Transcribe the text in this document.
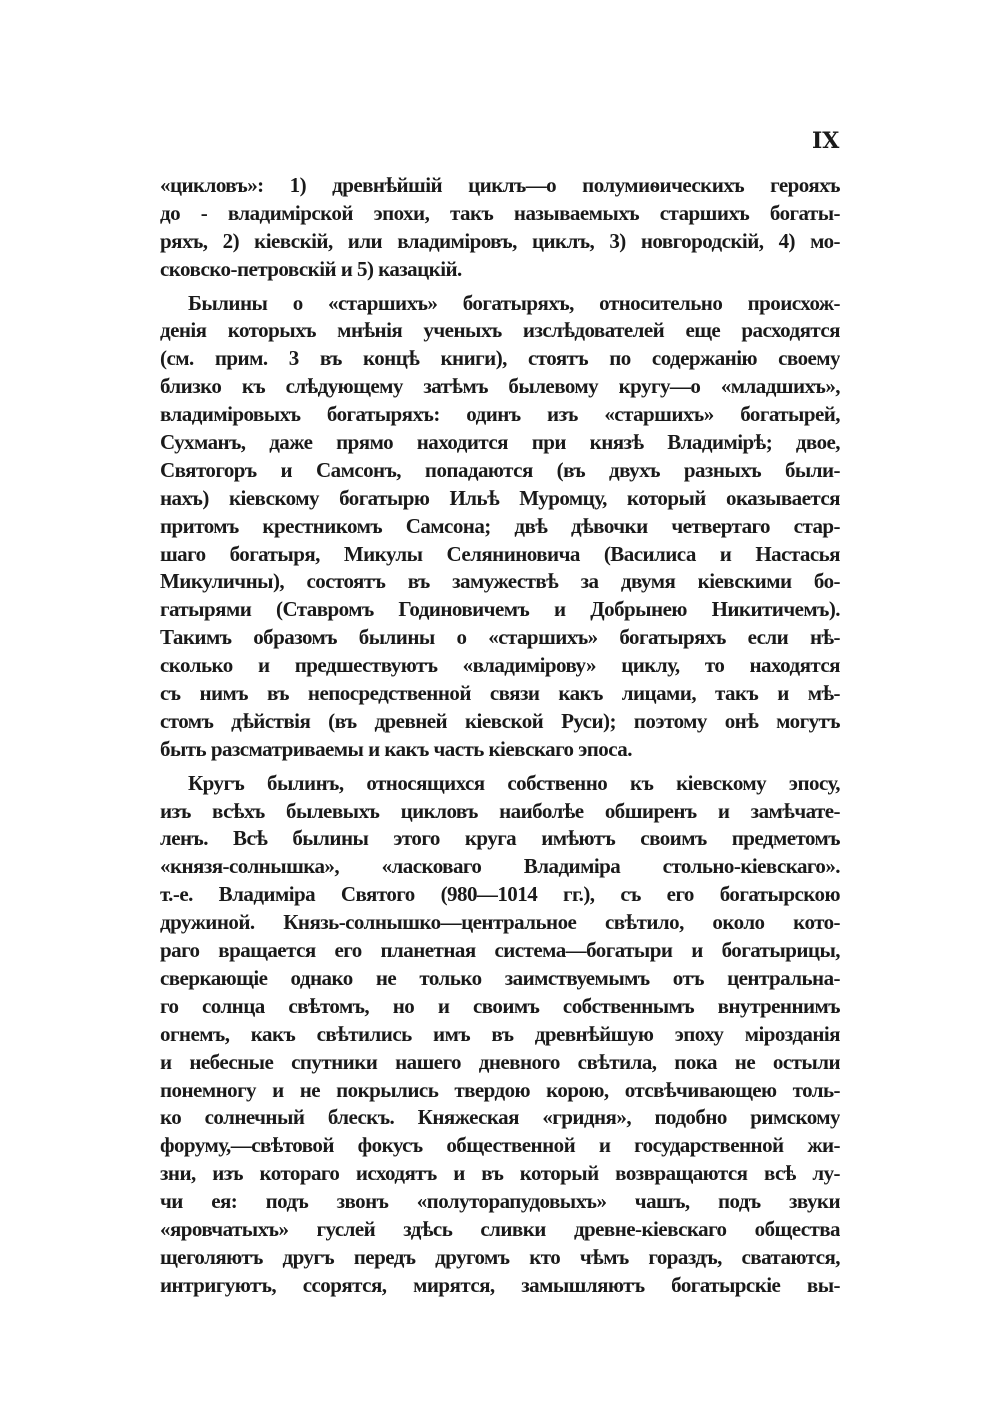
IX
«цикловъ»: 1) древнѣйшій циклъ—о полумиѳическихъ герояхъ
до - владимірской эпохи, такъ называемыхъ старшихъ богаты-
ряхъ, 2) кіевскій, или владиміровъ, циклъ, 3) новгородскій, 4) мо-
сковско-петровскій и 5) казацкій.
Былины о «старшихъ» богатыряхъ, относительно происхож-
денія которыхъ мнѣнія ученыхъ изслѣдователей еще расходятся
(см. прим. 3 въ концѣ книги), стоятъ по содержанію своему
близко къ слѣдующему затѣмъ былевому кругу—о «младшихъ»,
владиміровыхъ богатыряхъ: одинъ изъ «старшихъ» богатырей,
Сухманъ, даже прямо находится при князѣ Владимірѣ; двое,
Святогоръ и Самсонъ, попадаются (въ двухъ разныхъ были-
нахъ) кіевскому богатырю Ильѣ Муромцу, который оказывается
притомъ крестникомъ Самсона; двѣ дѣвочки четвертаго стар-
шаго богатыря, Микулы Селяниновича (Василиса и Настасья
Микуличны), состоятъ въ замужествѣ за двумя кіевскими бо-
гатырями (Ставромъ Годиновичемъ и Добрынею Никитичемъ).
Такимъ образомъ былины о «старшихъ» богатыряхъ если нѣ-
сколько и предшествуютъ «владимірову» циклу, то находятся
съ нимъ въ непосредственной связи какъ лицами, такъ и мѣ-
стомъ дѣйствія (въ древней кіевской Руси); поэтому онѣ могутъ
быть разсматриваемы и какъ часть кіевскаго эпоса.
Кругъ былинъ, относящихся собственно къ кіевскому эпосу,
изъ всѣхъ былевыхъ цикловъ наиболѣе обширенъ и замѣчате-
ленъ. Всѣ былины этого круга имѣютъ своимъ предметомъ
«князя-солнышка», «ласковаго Владиміра стольно-кіевскаго».
т.-е. Владиміра Святого (980—1014 гг.), съ его богатырскою
дружиной. Князь-солнышко—центральное свѣтило, около кото-
раго вращается его планетная система—богатыри и богатырицы,
сверкающіе однако не только заимствуемымъ отъ центральна-
го солнца свѣтомъ, но и своимъ собственнымъ внутреннимъ
огнемъ, какъ свѣтились имъ въ древнѣйшую эпоху мірозданія
и небесные спутники нашего дневного свѣтила, пока не остыли
понемногу и не покрылись твердою корою, отсвѣчивающею толь-
ко солнечный блескъ. Княжеская «гридня», подобно римскому
форуму,—свѣтовой фокусъ общественной и государственной жи-
зни, изъ котораго исходятъ и въ который возвращаются всѣ лу-
чи ея: подъ звонъ «полуторапудовыхъ» чашъ, подъ звуки
«яровчатыхъ» гуслей здѣсь сливки древне-кіевскаго общества
щеголяютъ другъ передъ другомъ кто чѣмъ гораздъ, сватаются,
интригуютъ, ссорятся, мирятся, замышляютъ богатырскіе вы-
